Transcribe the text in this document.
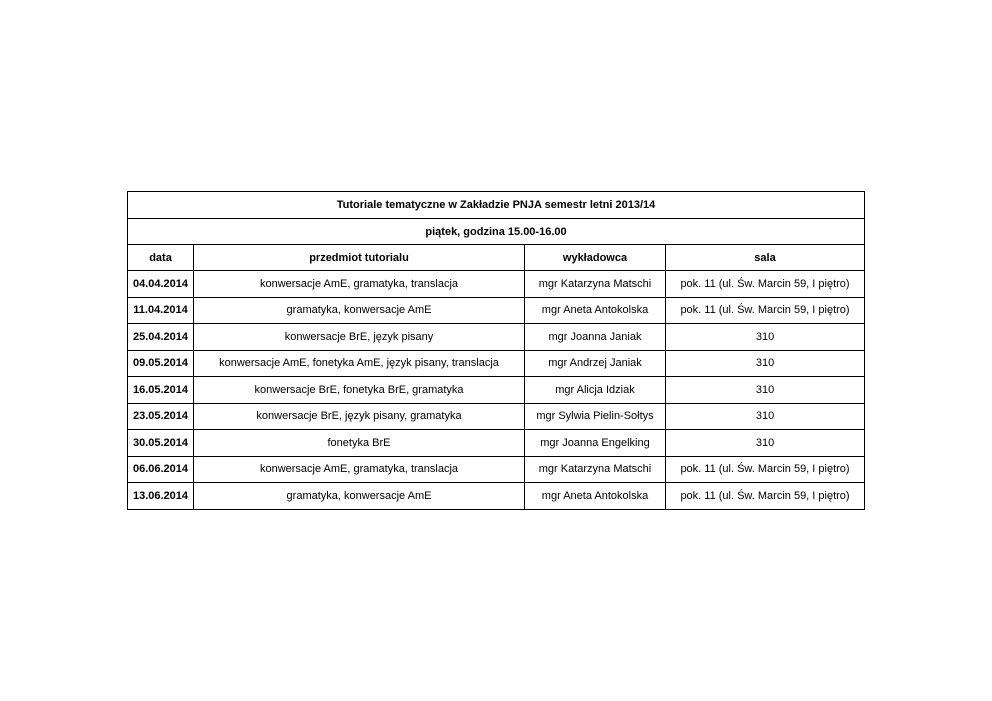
Tutoriale tematyczne w Zakładzie PNJA semestr letni 2013/14			
piątek, godzina 15.00-16.00			
data	przedmiot tutorialu	wykładowca	sala
04.04.2014	konwersacje AmE, gramatyka, translacja	mgr Katarzyna Matschi	pok. 11 (ul. Św. Marcin 59, I piętro)
11.04.2014	gramatyka, konwersacje AmE	mgr Aneta Antokolska	pok. 11 (ul. Św. Marcin 59, I piętro)
25.04.2014	konwersacje BrE, język pisany	mgr Joanna Janiak	310
09.05.2014	konwersacje AmE, fonetyka AmE, język pisany, translacja	mgr Andrzej Janiak	310
16.05.2014	konwersacje BrE, fonetyka BrE, gramatyka	mgr Alicja Idziak	310
23.05.2014	konwersacje BrE, język pisany, gramatyka	mgr Sylwia Pielin-Sołtys	310
30.05.2014	fonetyka BrE	mgr Joanna Engelking	310
06.06.2014	konwersacje AmE, gramatyka, translacja	mgr Katarzyna Matschi	pok. 11 (ul. Św. Marcin 59, I piętro)
13.06.2014	gramatyka, konwersacje AmE	mgr Aneta Antokolska	pok. 11 (ul. Św. Marcin 59, I piętro)
